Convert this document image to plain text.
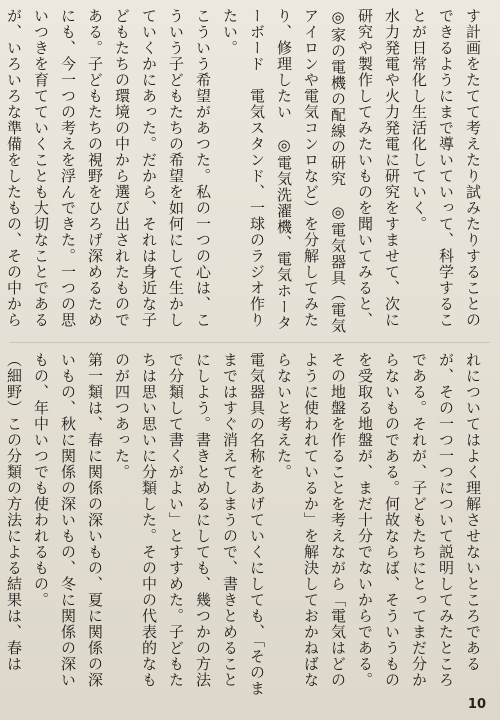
す計画をたてて考えたり試みたりすることのできるようにまで導いていって、科学することが日常化し生活化していく。

水力発電や火力発電に研究をすませて、次に研究や製作してみたいものを聞いてみると、

◎家の電機の配線の研究　◎電気器具（電気アイロンや電気コンロなど）を分解してみたり、修理したい　◎電気洗濯機、電気ホーターボード　電気スタンド、一球のラジオ作りたい。

こういう希望があつた。私の一つの心は、こういう子どもたちの希望を如何にして生かしていくかにあった。だから、それは身近な子どもたちの環境の中から選び出されたものである。子どもたちの視野をひろげ深めるためにも、今一つの考えを浮んできた。一つの思いつきを育てていくことも大切なことであるが、いろいろな準備をしたもの、その中から

れについてはよく理解させないところであるが、その一つ一つについて説明してみたところである。それが、子どもたちにとってまだ分からないものである。何故ならば、そういうものを受取る地盤が、まだ十分でないからである。その地盤を作ることを考えながら「電気はどのように使われているか」を解決しておかねばならないと考えた。

電気器具の名称をあげていくにしても、「そのままではすぐ消えてしまうので、書きとめることにしよう。書きとめるにしても、幾つかの方法で分類して書くがよい」とすすめた。子どもたちは思い思いに分類した。その中の代表的なものが四つあった。

第一類は、春に関係の深いもの、夏に関係の深いもの、秋に関係の深いもの、冬に関係の深いもの、年中いつでも使われるもの。

（細野）この分類の方法による結果は、春は

10
